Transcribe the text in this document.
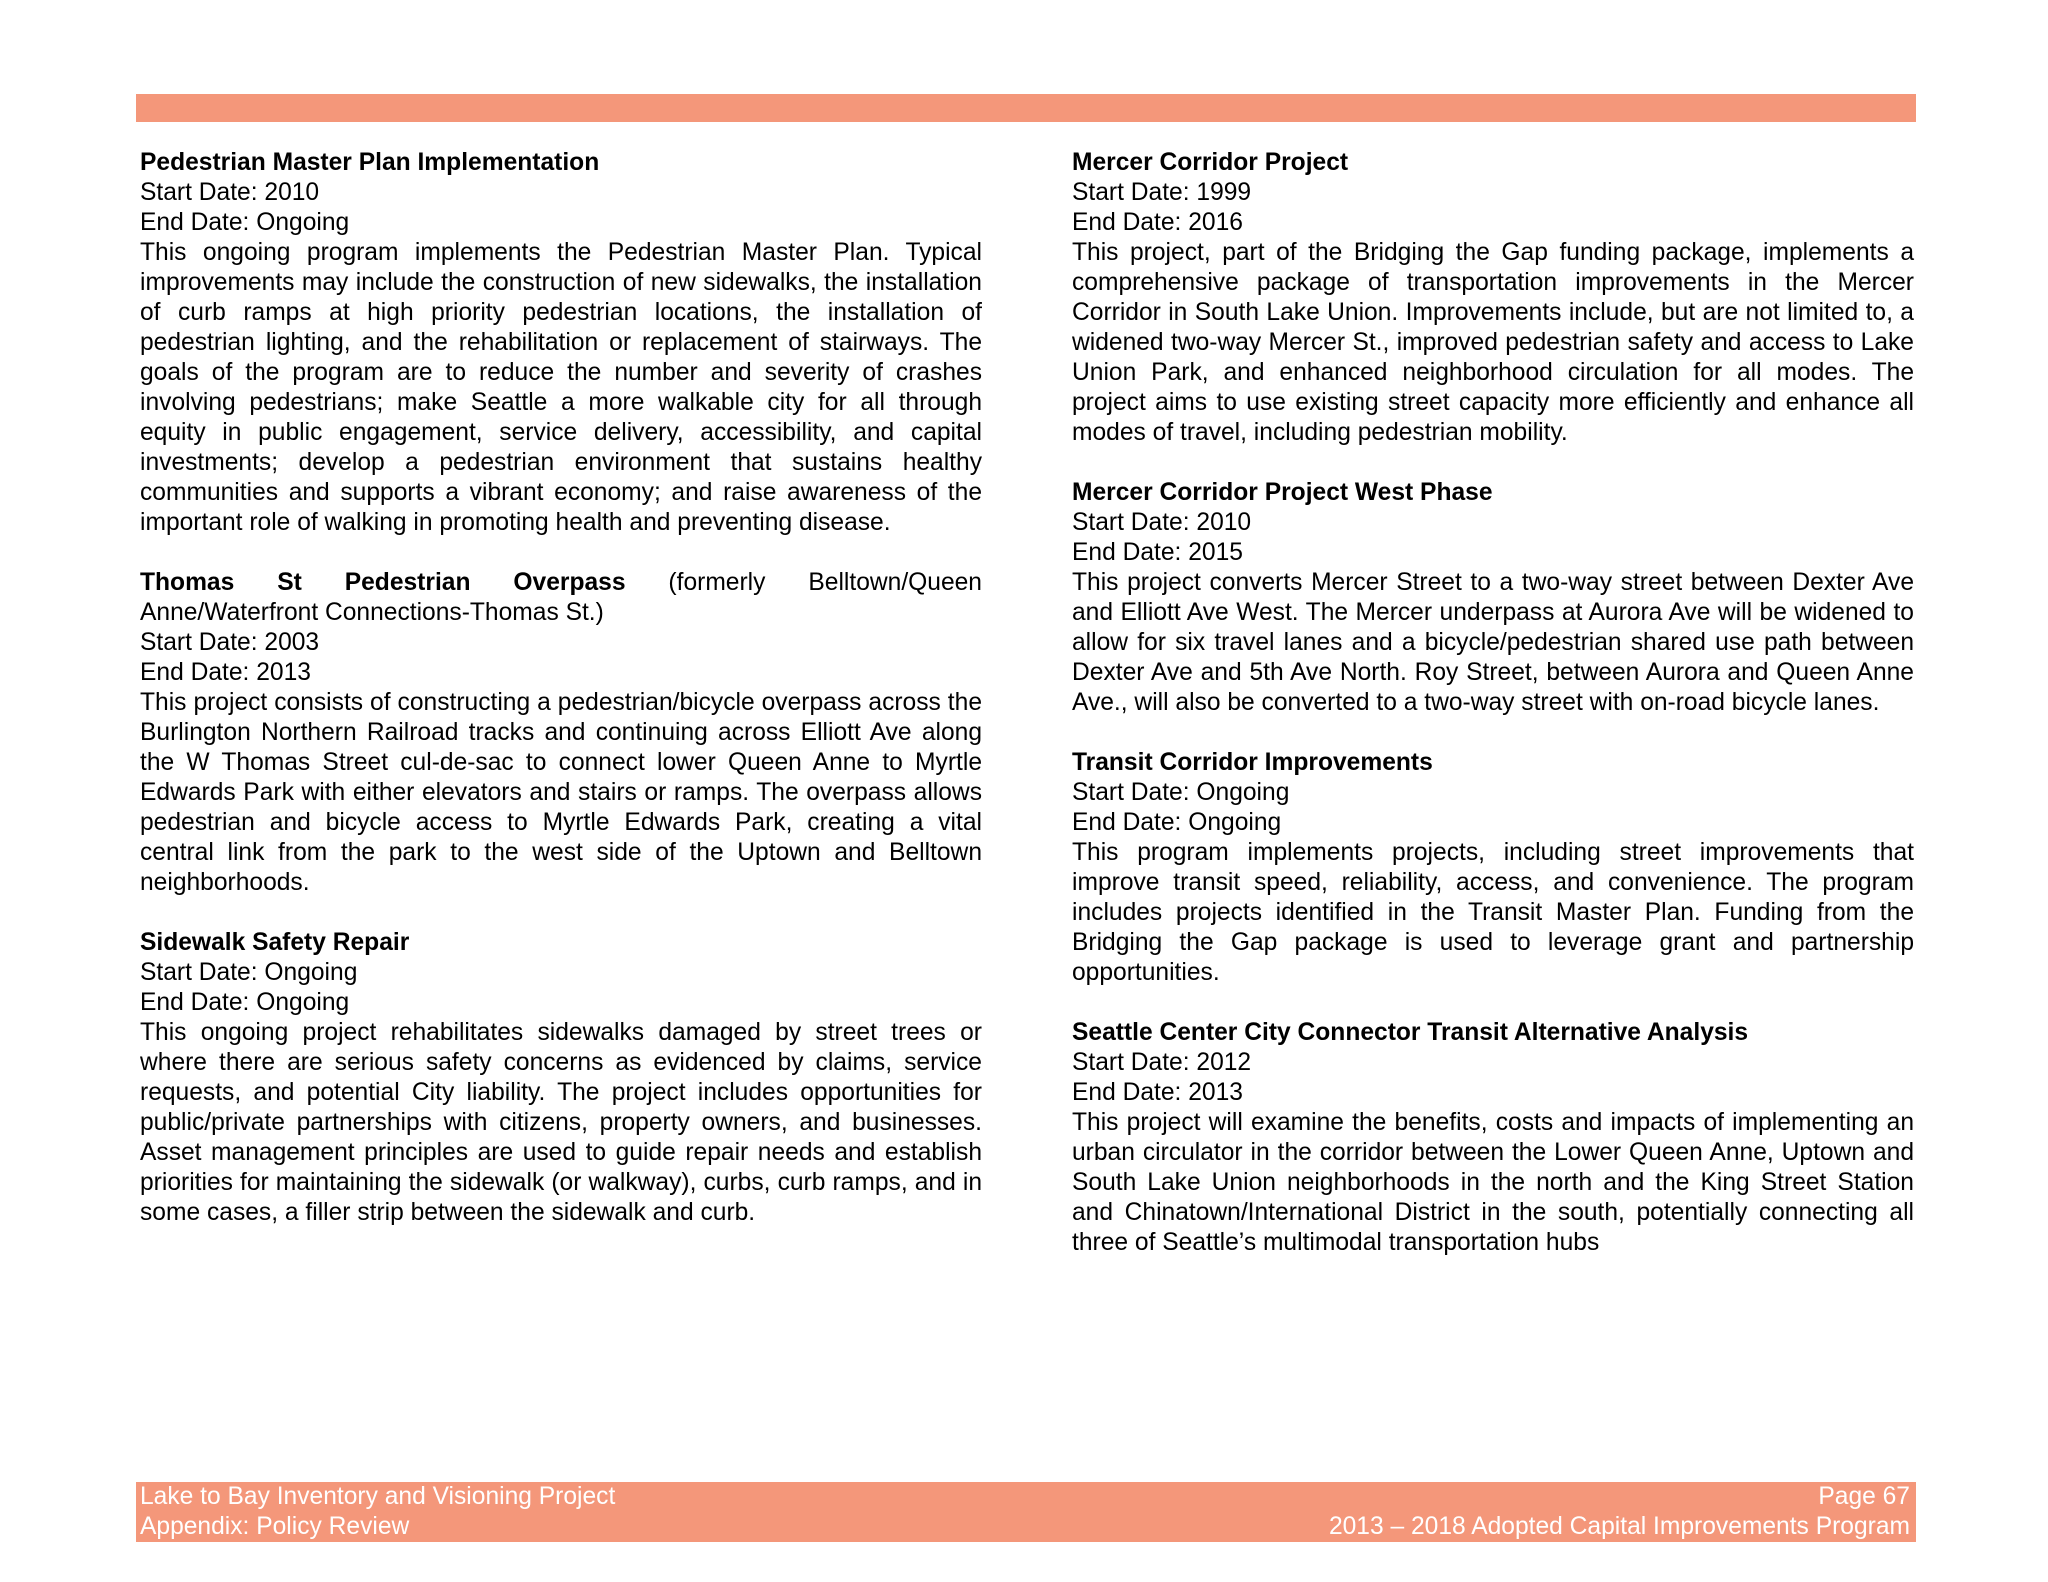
Pedestrian Master Plan Implementation
Start Date: 2010
End Date: Ongoing

This ongoing program implements the Pedestrian Master Plan. Typical improvements may include the construction of new sidewalks, the installation of curb ramps at high priority pedestrian locations, the installation of pedestrian lighting, and the rehabilitation or replacement of stairways. The goals of the program are to reduce the number and severity of crashes involving pedestrians; make Seattle a more walkable city for all through equity in public engagement, service delivery, accessibility, and capital investments; develop a pedestrian environment that sustains healthy communities and supports a vibrant economy; and raise awareness of the important role of walking in promoting health and preventing disease.

Thomas St Pedestrian Overpass (formerly Belltown/Queen Anne/Waterfront Connections-Thomas St.)
Start Date: 2003
End Date: 2013

This project consists of constructing a pedestrian/bicycle overpass across the Burlington Northern Railroad tracks and continuing across Elliott Ave along the W Thomas Street cul-de-sac to connect lower Queen Anne to Myrtle Edwards Park with either elevators and stairs or ramps. The overpass allows pedestrian and bicycle access to Myrtle Edwards Park, creating a vital central link from the park to the west side of the Uptown and Belltown neighborhoods.

Sidewalk Safety Repair
Start Date: Ongoing
End Date: Ongoing

This ongoing project rehabilitates sidewalks damaged by street trees or where there are serious safety concerns as evidenced by claims, service requests, and potential City liability. The project includes opportunities for public/private partnerships with citizens, property owners, and businesses. Asset management principles are used to guide repair needs and establish priorities for maintaining the sidewalk (or walkway), curbs, curb ramps, and in some cases, a filler strip between the sidewalk and curb.

Mercer Corridor Project
Start Date: 1999
End Date: 2016

This project, part of the Bridging the Gap funding package, implements a comprehensive package of transportation improvements in the Mercer Corridor in South Lake Union. Improvements include, but are not limited to, a widened two-way Mercer St., improved pedestrian safety and access to Lake Union Park, and enhanced neighborhood circulation for all modes. The project aims to use existing street capacity more efficiently and enhance all modes of travel, including pedestrian mobility.

Mercer Corridor Project West Phase
Start Date: 2010
End Date: 2015

This project converts Mercer Street to a two-way street between Dexter Ave and Elliott Ave West. The Mercer underpass at Aurora Ave will be widened to allow for six travel lanes and a bicycle/pedestrian shared use path between Dexter Ave and 5th Ave North. Roy Street, between Aurora and Queen Anne Ave., will also be converted to a two-way street with on-road bicycle lanes.

Transit Corridor Improvements
Start Date: Ongoing
End Date: Ongoing

This program implements projects, including street improvements that improve transit speed, reliability, access, and convenience. The program includes projects identified in the Transit Master Plan. Funding from the Bridging the Gap package is used to leverage grant and partnership opportunities.

Seattle Center City Connector Transit Alternative Analysis
Start Date: 2012
End Date: 2013

This project will examine the benefits, costs and impacts of implementing an urban circulator in the corridor between the Lower Queen Anne, Uptown and South Lake Union neighborhoods in the north and the King Street Station and Chinatown/International District in the south, potentially connecting all three of Seattle’s multimodal transportation hubs

Lake to Bay Inventory and Visioning Project	Page 67
Appendix: Policy Review	2013 – 2018 Adopted Capital Improvements Program
